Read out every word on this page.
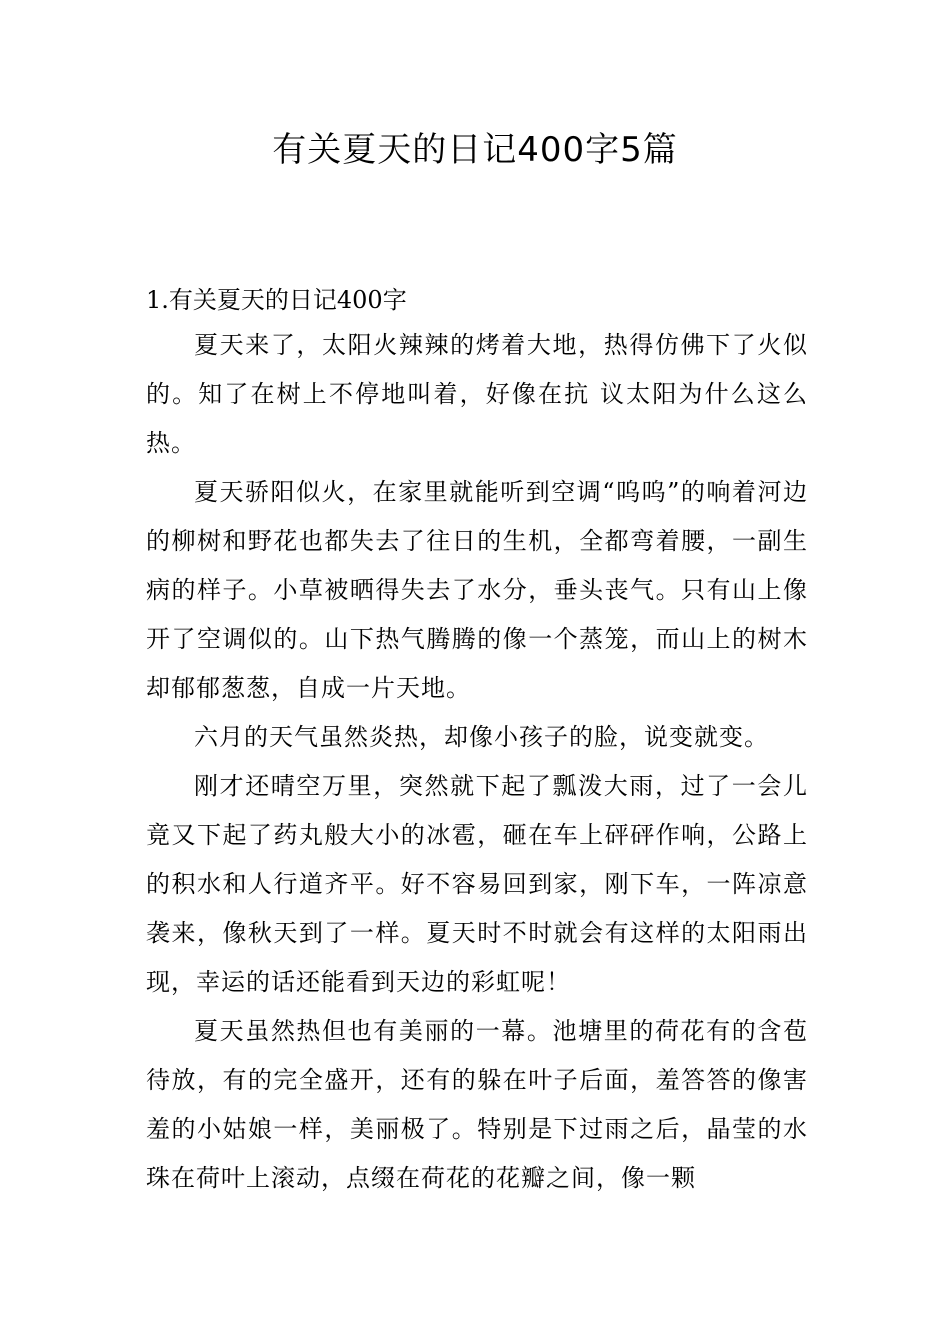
有关夏天的日记400字5篇
1.有关夏天的日记400字

夏天来了，太阳火辣辣的烤着大地，热得仿佛下了火似的。知了在树上不停地叫着，好像在抗 议太阳为什么这么热。

夏天骄阳似火，在家里就能听到空调“呜呜”的响着河边的柳树和野花也都失去了往日的生机，全都弯着腰，一副生病的样子。小草被晒得失去了水分，垂头丧气。只有山上像开了空调似的。山下热气腾腾的像一个蒸笼，而山上的树木却郁郁葱葱，自成一片天地。

六月的天气虽然炎热，却像小孩子的脸，说变就变。

刚才还晴空万里，突然就下起了瓢泼大雨，过了一会儿竟又下起了药丸般大小的冰雹，砸在车上砰砰作响，公路上的积水和人行道齐平。好不容易回到家，刚下车，一阵凉意袭来，像秋天到了一样。夏天时不时就会有这样的太阳雨出现，幸运的话还能看到天边的彩虹呢！

夏天虽然热但也有美丽的一幕。池塘里的荷花有的含苞待放，有的完全盛开，还有的躲在叶子后面，羞答答的像害羞的小姑娘一样，美丽极了。特别是下过雨之后，晶莹的水珠在荷叶上滚动，点缀在荷花的花瓣之间，像一颗
